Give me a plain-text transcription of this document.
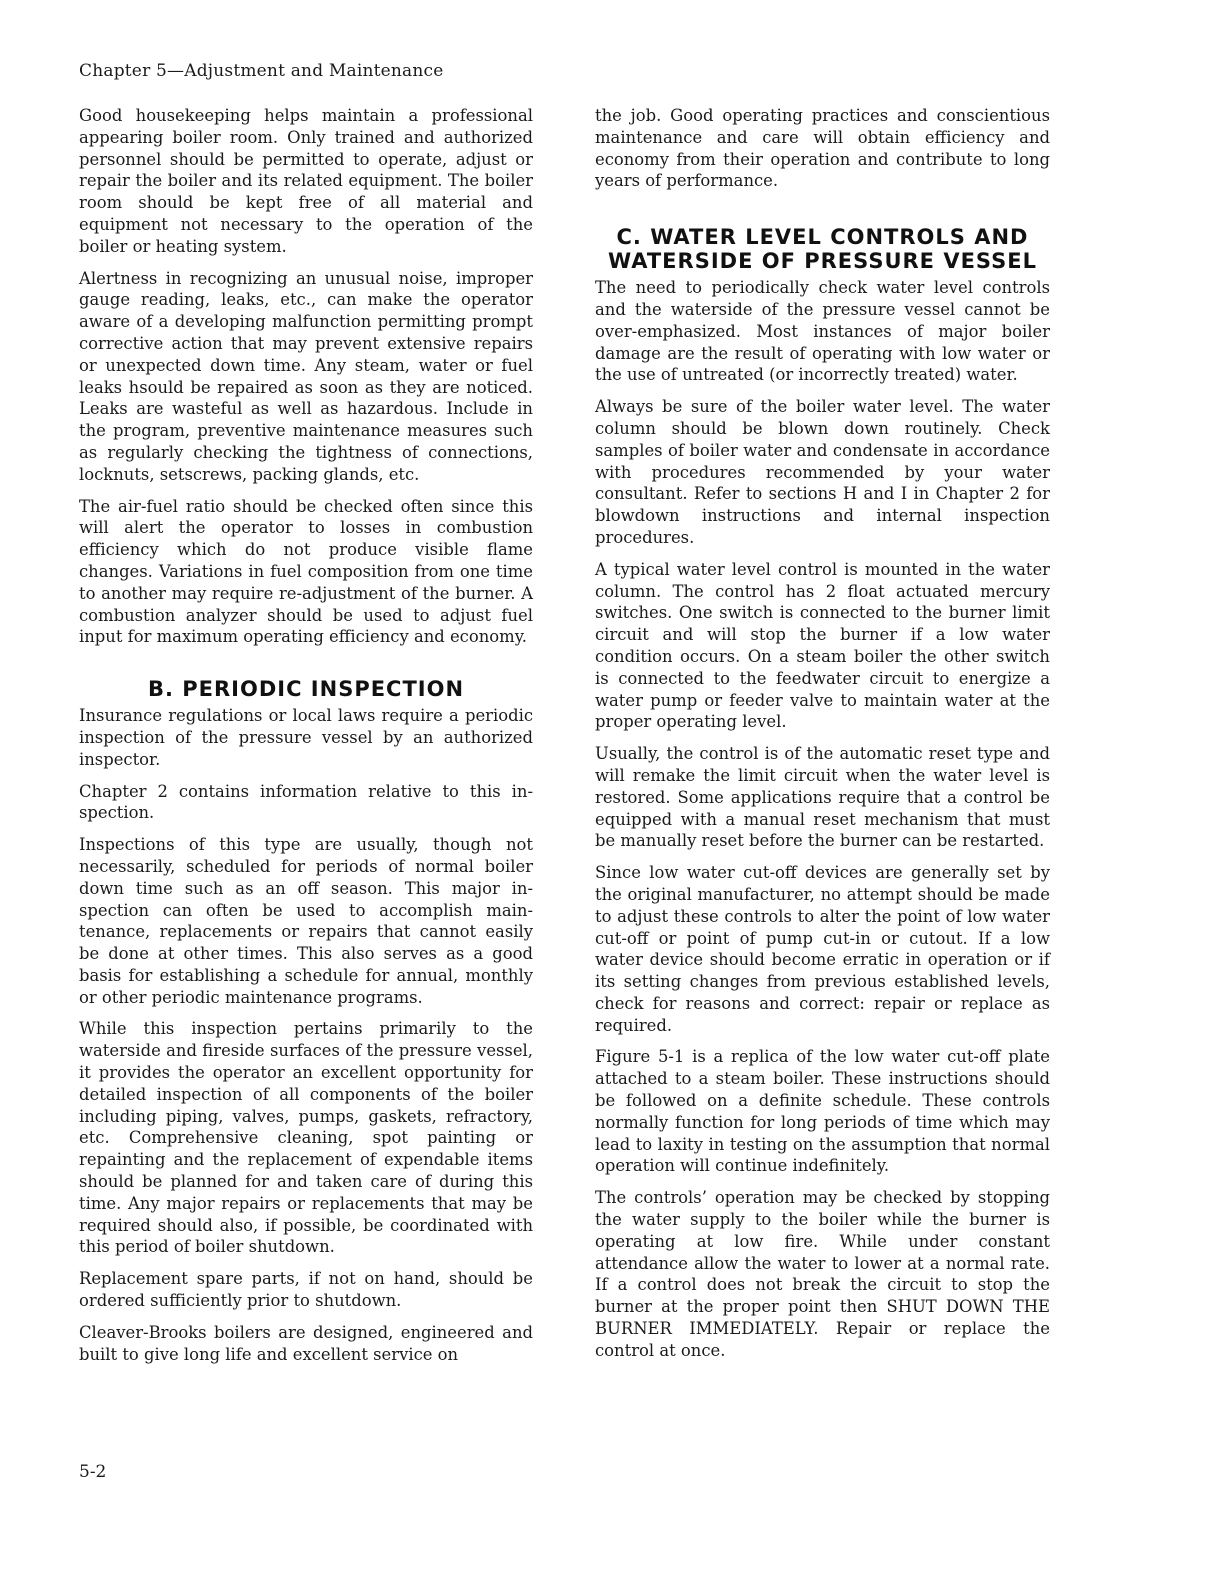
Chapter 5—Adjustment and Maintenance

Good housekeeping helps maintain a professional appearing boiler room. Only trained and authorized personnel should be permitted to operate, adjust or repair the boiler and its related equipment. The boiler room should be kept free of all material and equipment not necessary to the operation of the boiler or heating system.

Alertness in recognizing an unusual noise, improper gauge reading, leaks, etc., can make the operator aware of a developing malfunction permitting prompt corrective action that may prevent extensive repairs or unexpected down time. Any steam, water or fuel leaks hsould be repaired as soon as they are noticed. Leaks are wasteful as well as hazardous. Include in the program, preventive maintenance measures such as regularly checking the tightness of connections, locknuts, setscrews, packing glands, etc.

The air-fuel ratio should be checked often since this will alert the operator to losses in combustion efficiency which do not produce visible flame changes. Variations in fuel composition from one time to another may require re-adjustment of the burner. A combustion analyzer should be used to adjust fuel input for maximum operating efficiency and economy.

B. PERIODIC INSPECTION

Insurance regulations or local laws require a periodic inspection of the pressure vessel by an authorized inspector.

Chapter 2 contains information relative to this inspection.

Inspections of this type are usually, though not necessarily, scheduled for periods of normal boiler down time such as an off season. This major inspection can often be used to accomplish maintenance, replacements or repairs that cannot easily be done at other times. This also serves as a good basis for establishing a schedule for annual, monthly or other periodic maintenance programs.

While this inspection pertains primarily to the waterside and fireside surfaces of the pressure vessel, it provides the operator an excellent opportunity for detailed inspection of all components of the boiler including piping, valves, pumps, gaskets, refractory, etc. Comprehensive cleaning, spot painting or repainting and the replacement of expendable items should be planned for and taken care of during this time. Any major repairs or replacements that may be required should also, if possible, be coordinated with this period of boiler shutdown.

Replacement spare parts, if not on hand, should be ordered sufficiently prior to shutdown.

Cleaver-Brooks boilers are designed, engineered and built to give long life and excellent service on

the job. Good operating practices and conscientious maintenance and care will obtain efficiency and economy from their operation and contribute to long years of performance.

C. WATER LEVEL CONTROLS AND
WATERSIDE OF PRESSURE VESSEL

The need to periodically check water level controls and the waterside of the pressure vessel cannot be over-emphasized. Most instances of major boiler damage are the result of operating with low water or the use of untreated (or incorrectly treated) water.

Always be sure of the boiler water level. The water column should be blown down routinely. Check samples of boiler water and condensate in accordance with procedures recommended by your water consultant. Refer to sections H and I in Chapter 2 for blowdown instructions and internal inspection procedures.

A typical water level control is mounted in the water column. The control has 2 float actuated mercury switches. One switch is connected to the burner limit circuit and will stop the burner if a low water condition occurs. On a steam boiler the other switch is connected to the feedwater circuit to energize a water pump or feeder valve to maintain water at the proper operating level.

Usually, the control is of the automatic reset type and will remake the limit circuit when the water level is restored. Some applications require that a control be equipped with a manual reset mechanism that must be manually reset before the burner can be restarted.

Since low water cut-off devices are generally set by the original manufacturer, no attempt should be made to adjust these controls to alter the point of low water cut-off or point of pump cut-in or cutout. If a low water device should become erratic in operation or if its setting changes from previous established levels, check for reasons and correct: repair or replace as required.

Figure 5-1 is a replica of the low water cut-off plate attached to a steam boiler. These instructions should be followed on a definite schedule. These controls normally function for long periods of time which may lead to laxity in testing on the assumption that normal operation will continue indefinitely.

The controls’ operation may be checked by stopping the water supply to the boiler while the burner is operating at low fire. While under constant attendance allow the water to lower at a normal rate. If a control does not break the circuit to stop the burner at the proper point then SHUT DOWN THE BURNER IMMEDIATELY. Repair or replace the control at once.

5-2
